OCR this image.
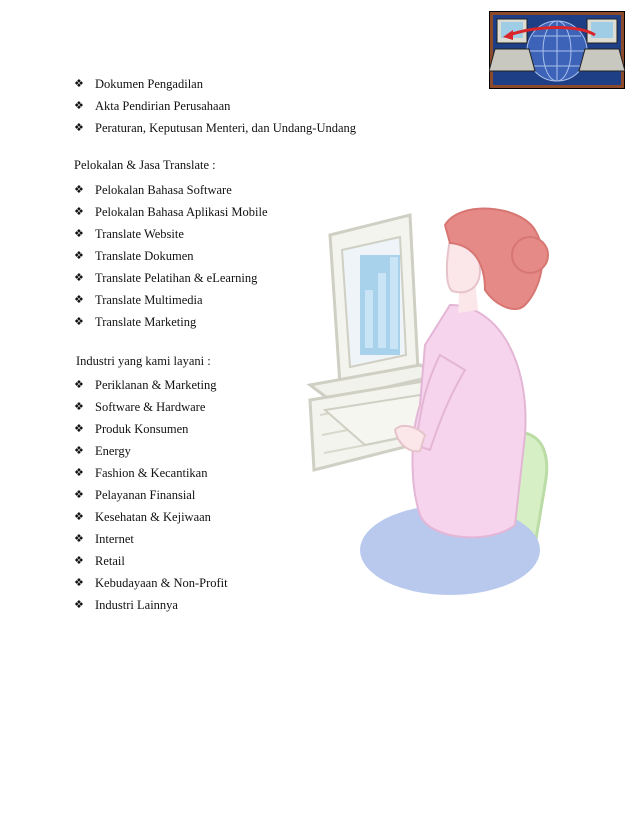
❖ Dokumen Pengadilan
❖ Akta Pendirian Perusahaan
❖ Peraturan, Keputusan Menteri, dan Undang-Undang
Pelokalan & Jasa Translate :
❖ Pelokalan Bahasa Software
❖ Pelokalan Bahasa Aplikasi Mobile
❖ Translate Website
❖ Translate Dokumen
❖ Translate Pelatihan & eLearning
❖ Translate Multimedia
❖ Translate Marketing
Industri yang kami layani :
❖ Periklanan & Marketing
❖ Software & Hardware
❖ Produk Konsumen
❖ Energy
❖ Fashion & Kecantikan
❖ Pelayanan Finansial
❖ Kesehatan & Kejiwaan
❖ Internet
❖ Retail
❖ Kebudayaan & Non-Profit
❖ Industri Lainnya
